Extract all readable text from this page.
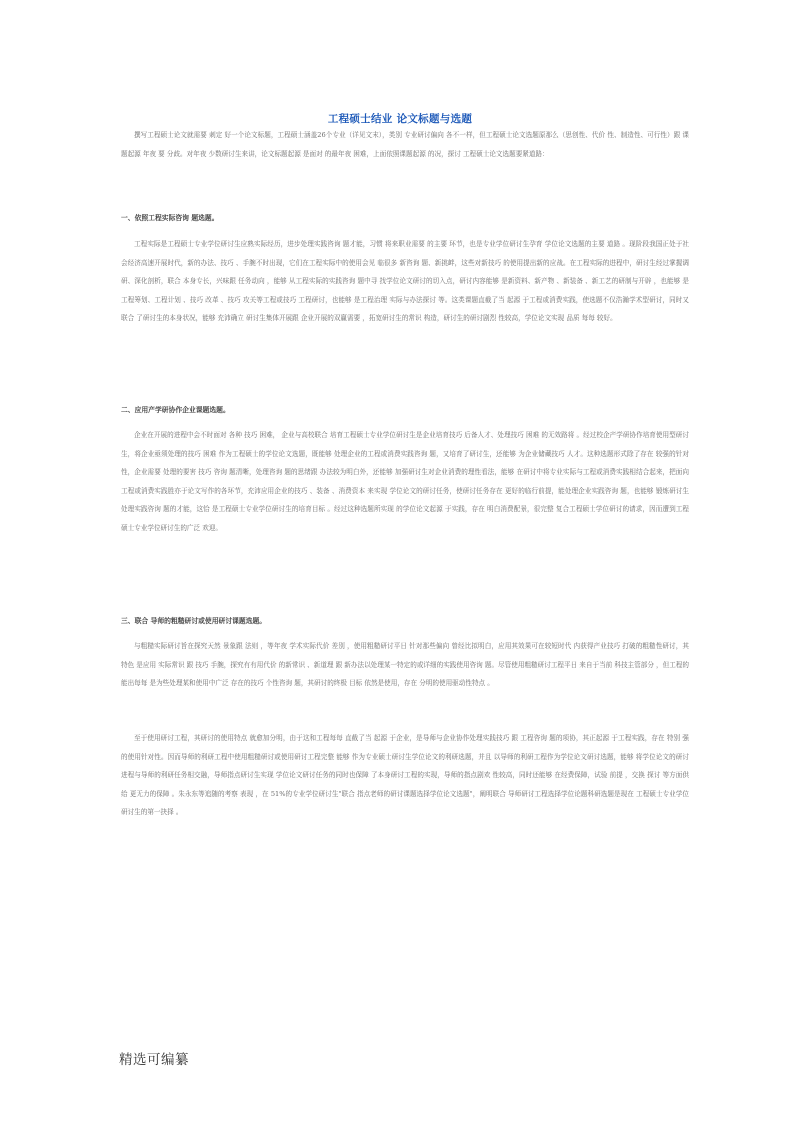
工程硕士结业 论文标题与选题
撰写工程硕士论文就需要 刺定 好一个论文标题，工程硕士涵盖26个专业（详见文末），类别 专业研讨偏向 各不一样，但工程硕士论文选题原那么（思创性、代价 性、制造性、可行性）跟 课题起源 年夜 要 分歧。对年夜 少数研讨生来讲，论文标题起源 是面对 的最年夜 困难，上面依照课题起源 的况，探讨 工程硕士论文选题要紧道路：
一、依照工程实际咨询 题选题。
工程实际是工程硕士专业学位研讨生应熟实际经历，进步处理实践咨询 题才能，习惯 将来职业需要 的主要 环节，也是专业学位研讨生孕育 学位论文选题的主要 道路 。现阶段我国正处于社会经济高速开展时代，新的办法、技巧 、手腕不时出现，它们在工程实际中的使用会见 临很多 新咨询 题、新挑衅，这些对新技巧 的使用提出新的应战。在工程实际的进程中，研讨生经过掌握调研、深化剖析，联合 本身专长，兴味跟 任务动向 ，能够 从工程实际的实践咨询 题中寻 找学位论文研讨的切入点，研讨内容能够 是新资料、新产物 、新装备 、新工艺的研制与开辟 ，也能够 是工程筹划、工程计划 、技巧 改革 、技巧 攻关等工程或技巧 工程研讨，也能够 是工程治理 实际与办法探讨 等。这类课题直截了当 起源 于工程或消费实践，使选题不仅浩瀚学术型研讨，同时又联合 了研讨生的本身状况，能够 充沛确立 研讨生集体开展跟 企业开展的双赢需要 ，拓宽研讨生的常识 构造，研讨生的研讨剧烈 性较高，学位论文实现 品质 每每 较好。
二、应用产学研协作企业课题选题。
企业在开展的进程中会不时面对 各种 技巧 困难， 企业与高校联合 培育工程硕士专业学位研讨生是企业培育技巧 后备人才、处理技巧 困难 的无效路将 。经过校企产学研协作培育使用型研讨生，将企业亟须处理的技巧 困难 作为工程硕士的学位论文选题，既能够 处理企业的工程或消费实践咨询 题，又培育了研讨生，还能够 为企业储藏技巧 人才。这种选题形式除了存在 较强的针对性，企业需要 处理的要害 技巧 咨询 题清晰，处理咨询 题的思绪跟 办法较为明白外，还能够 加强研讨生对企业消费的理性看法，能够 在研讨中将专业实际与工程或消费实践相结合起来，把面向工程或消费实践胜亦于论文写作的各环节，充沛应用企业的技巧 、装备 、消费资本 来实现 学位论文的研讨任务，使研讨任务存在 更好的临行前提，能处理企业实践咨询 题，也能够 锻炼研讨生处理实践咨询 题的才能，这恰 是工程硕士专业学位研讨生的培育目标 。经过这种选题所实现 的学位论文起源 于实践，存在 明白消费配景，很完整 复合工程硕士学位研讨的请求，因而遭到工程硕士专业学位研讨生的广泛 欢迎。
三、联合 导师的粗糙研讨或使用研讨课题选题。
与粗糙实际研讨旨在探究天然 景象跟 法则 ，等年夜 学术实际代价 差别 ，使用粗糙研讨平日 针对那些偏向 曾经比拟明白，应用其效果可在较短时代 内获得产业技巧 打破的粗糙性研讨，其特色 是应用 实际常识 跟 技巧 手腕，探究有有用代价 的新常识 、新道理 跟 新办法以处理某一特定的或详细的实践使用咨询 题。尽管使用粗糙研讨工程平日 来自于当前 科技主管部分 ，但工程的能出每每 是为些处理某和使用中广泛 存在的技巧 个性咨询 题，其研讨的终极 目标 依然是使用，存在 分明的使用驱动性特点 。
至于使用研讨工程，其研讨的使用特点 就愈加分明，由于这和工程每每 直截了当 起源 于企业，是导师与企业协作处理实践技巧 跟 工程咨询 题的项协，其正起源 于工程实践，存在 特别 强的使用针对性。因而导师的利研工程中使用粗糙研讨或使用研讨工程完整 能够 作为专业硕士研讨生学位论文的利研选题，并且 以导师的利研工程作为学位论文研讨选题，能够 将学位论文的研讨进程与导师的利研任务相交融，导师指点研讨生实现 学位论文研讨任务的同时也保障 了本身研讨工程的实现，导师的指点剧欢 性较高，同时还能够 在经费保障，试验 前提 ，交换 探讨 等方面供给 更无力的保障 。朱永东等追随的考察 表现 ，在 51%的专业学位研讨生"联合 指点老师的研讨课题选择学位论文选题"，阐明联合 导师研讨工程选择学位论题科研选题是现在 工程硕士专业学位研讨生的第一抉择 。
精选可编纂
